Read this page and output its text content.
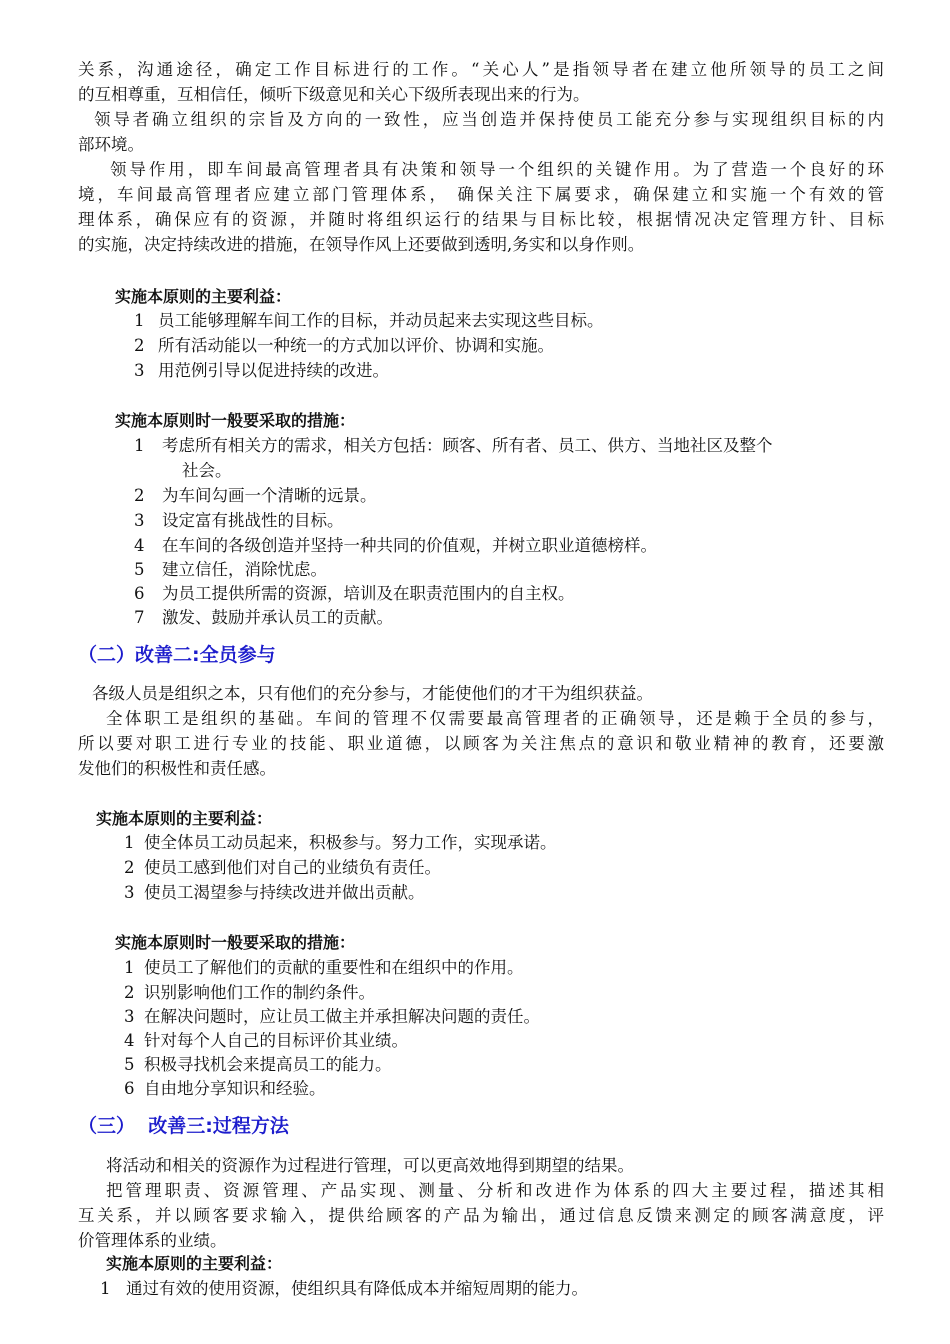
关系，沟通途径，确定工作目标进行的工作。“关心人”是指领导者在建立他所领导的员工之间
的互相尊重，互相信任，倾听下级意见和关心下级所表现出来的行为。
领导者确立组织的宗旨及方向的一致性，应当创造并保持使员工能充分参与实现组织目标的内
部环境。
领导作用，即车间最高管理者具有决策和领导一个组织的关键作用。为了营造一个良好的环
境，车间最高管理者应建立部门管理体系， 确保关注下属要求，确保建立和实施一个有效的管
理体系，确保应有的资源，并随时将组织运行的结果与目标比较，根据情况决定管理方针、目标
的实施，决定持续改进的措施，在领导作风上还要做到透明,务实和以身作则。
实施本原则的主要利益：
1 员工能够理解车间工作的目标，并动员起来去实现这些目标。
2 所有活动能以一种统一的方式加以评价、协调和实施。
3 用范例引导以促进持续的改进。
实施本原则时一般要采取的措施：
1 考虑所有相关方的需求，相关方包括：顾客、所有者、员工、供方、当地社区及整个
社会。
2 为车间勾画一个清晰的远景。
3 设定富有挑战性的目标。
4 在车间的各级创造并坚持一种共同的价值观，并树立职业道德榜样。
5 建立信任，消除忧虑。
6 为员工提供所需的资源，培训及在职责范围内的自主权。
7 激发、鼓励并承认员工的贡献。
（二）改善二:全员参与
各级人员是组织之本，只有他们的充分参与，才能使他们的才干为组织获益。
全体职工是组织的基础。车间的管理不仅需要最高管理者的正确领导，还是赖于全员的参与，
所以要对职工进行专业的技能、职业道德，以顾客为关注焦点的意识和敬业精神的教育，还要激
发他们的积极性和责任感。
实施本原则的主要利益：
1 使全体员工动员起来，积极参与。努力工作，实现承诺。
2 使员工感到他们对自己的业绩负有责任。
3 使员工渴望参与持续改进并做出贡献。
实施本原则时一般要采取的措施：
1 使员工了解他们的贡献的重要性和在组织中的作用。
2 识别影响他们工作的制约条件。
3 在解决问题时，应让员工做主并承担解决问题的责任。
4 针对每个人自己的目标评价其业绩。
5 积极寻找机会来提高员工的能力。
6 自由地分享知识和经验。
（三）  改善三:过程方法
将活动和相关的资源作为过程进行管理，可以更高效地得到期望的结果。
把管理职责、资源管理、产品实现、测量、分析和改进作为体系的四大主要过程，描述其相
互关系，并以顾客要求输入，提供给顾客的产品为输出，通过信息反馈来测定的顾客满意度，评
价管理体系的业绩。
实施本原则的主要利益：
1 通过有效的使用资源，使组织具有降低成本并缩短周期的能力。
